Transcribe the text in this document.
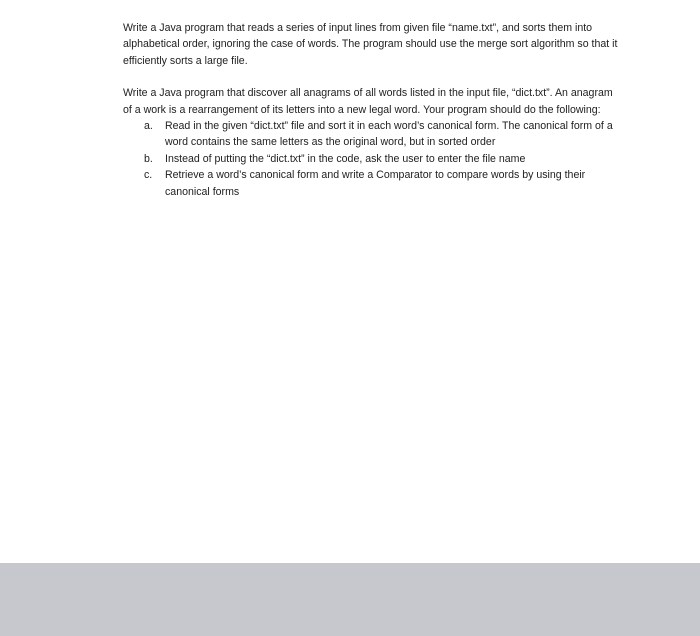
Write a Java program that reads a series of input lines from given file “name.txt”, and sorts them into alphabetical order, ignoring the case of words. The program should use the merge sort algorithm so that it efficiently sorts a large file.

Write a Java program that discover all anagrams of all words listed in the input file, “dict.txt”. An anagram of a work is a rearrangement of its letters into a new legal word. Your program should do the following:

a. Read in the given “dict.txt” file and sort it in each word’s canonical form. The canonical form of a word contains the same letters as the original word, but in sorted order
b. Instead of putting the “dict.txt” in the code, ask the user to enter the file name
c. Retrieve a word’s canonical form and write a Comparator to compare words by using their canonical forms
